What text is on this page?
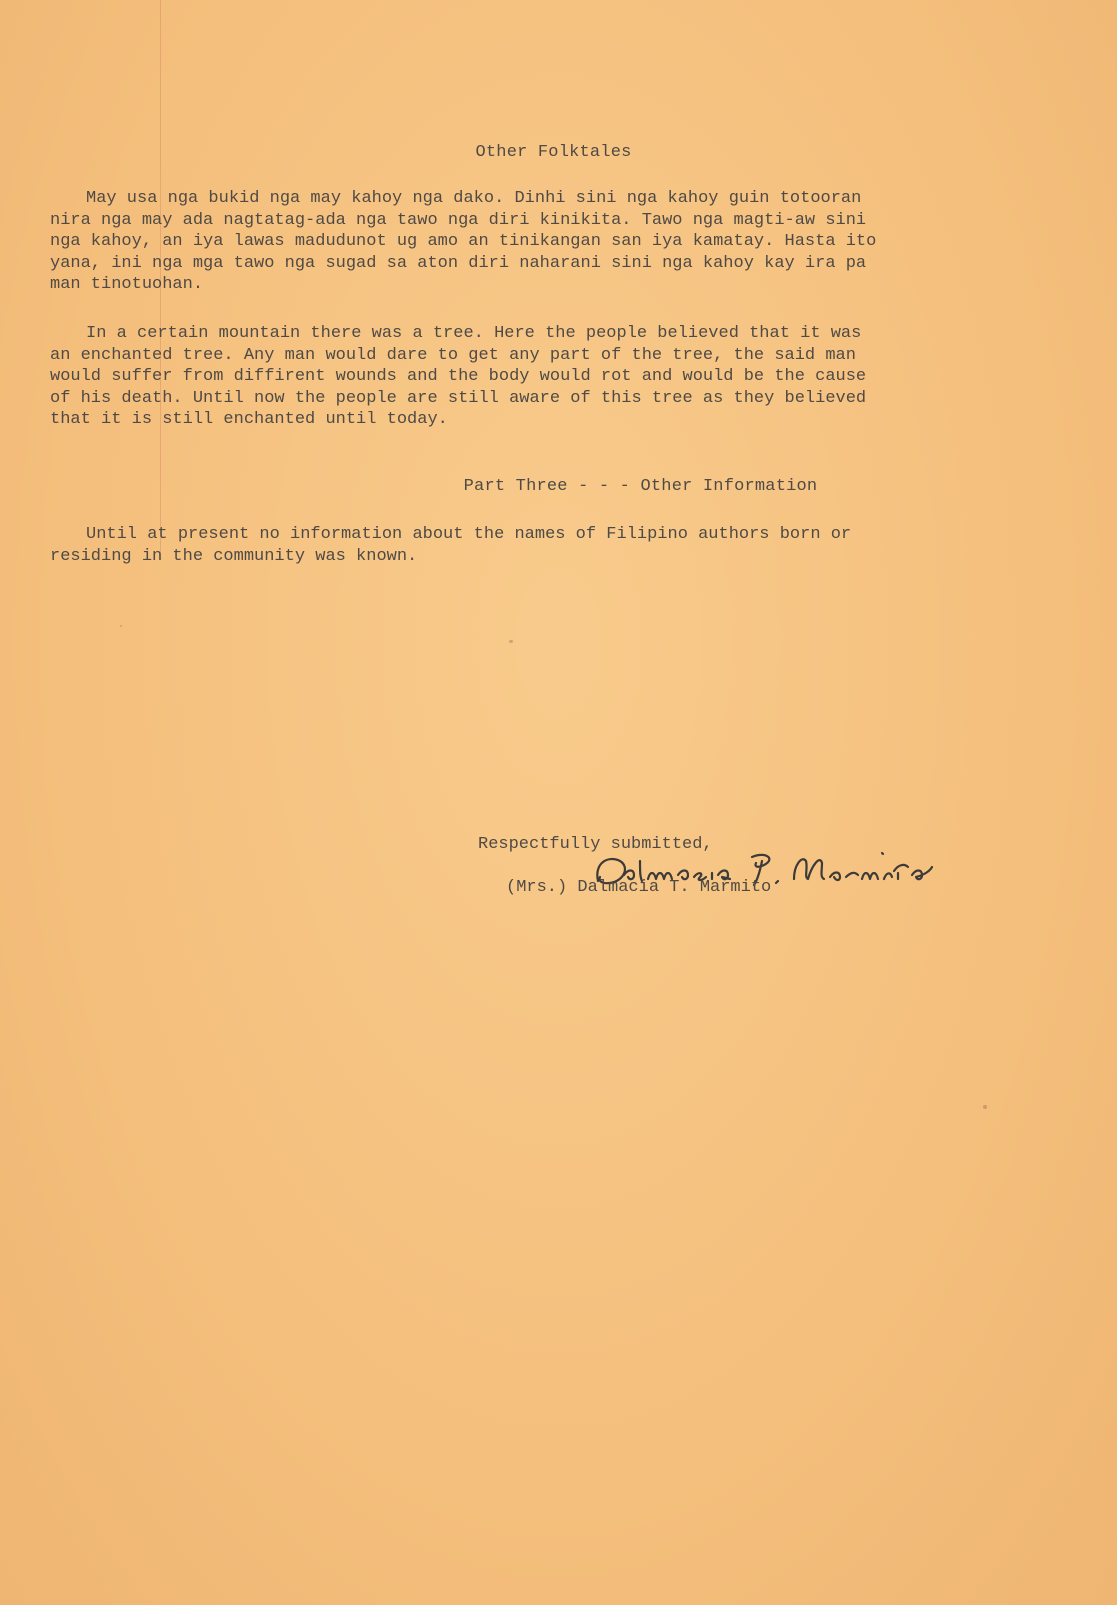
Other Folktales
May usa nga bukid nga may kahoy nga dako. Dinhi sini nga kahoy guin totooran
nira nga may ada nagtatag-ada nga tawo nga diri kinikita. Tawo nga magti-aw sini
nga kahoy, an iya lawas madudunot ug amo an tinikangan san iya kamatay. Hasta ito
yana, ini nga mga tawo nga sugad sa aton diri naharani sini nga kahoy kay ira pa
man tinotuohan.
In a certain mountain there was a tree. Here the people believed that it was
an enchanted tree. Any man would dare to get any part of the tree, the said man
would suffer from diffirent wounds and the body would rot and would be the cause
of his death. Until now the people are still aware of this tree as they believed
that it is still enchanted until today.
Part Three - - - Other Information
Until at present no information about the names of Filipino authors born or
residing in the community was known.
Respectfully submitted,
(Mrs.) Dalmacia T. Marmito
